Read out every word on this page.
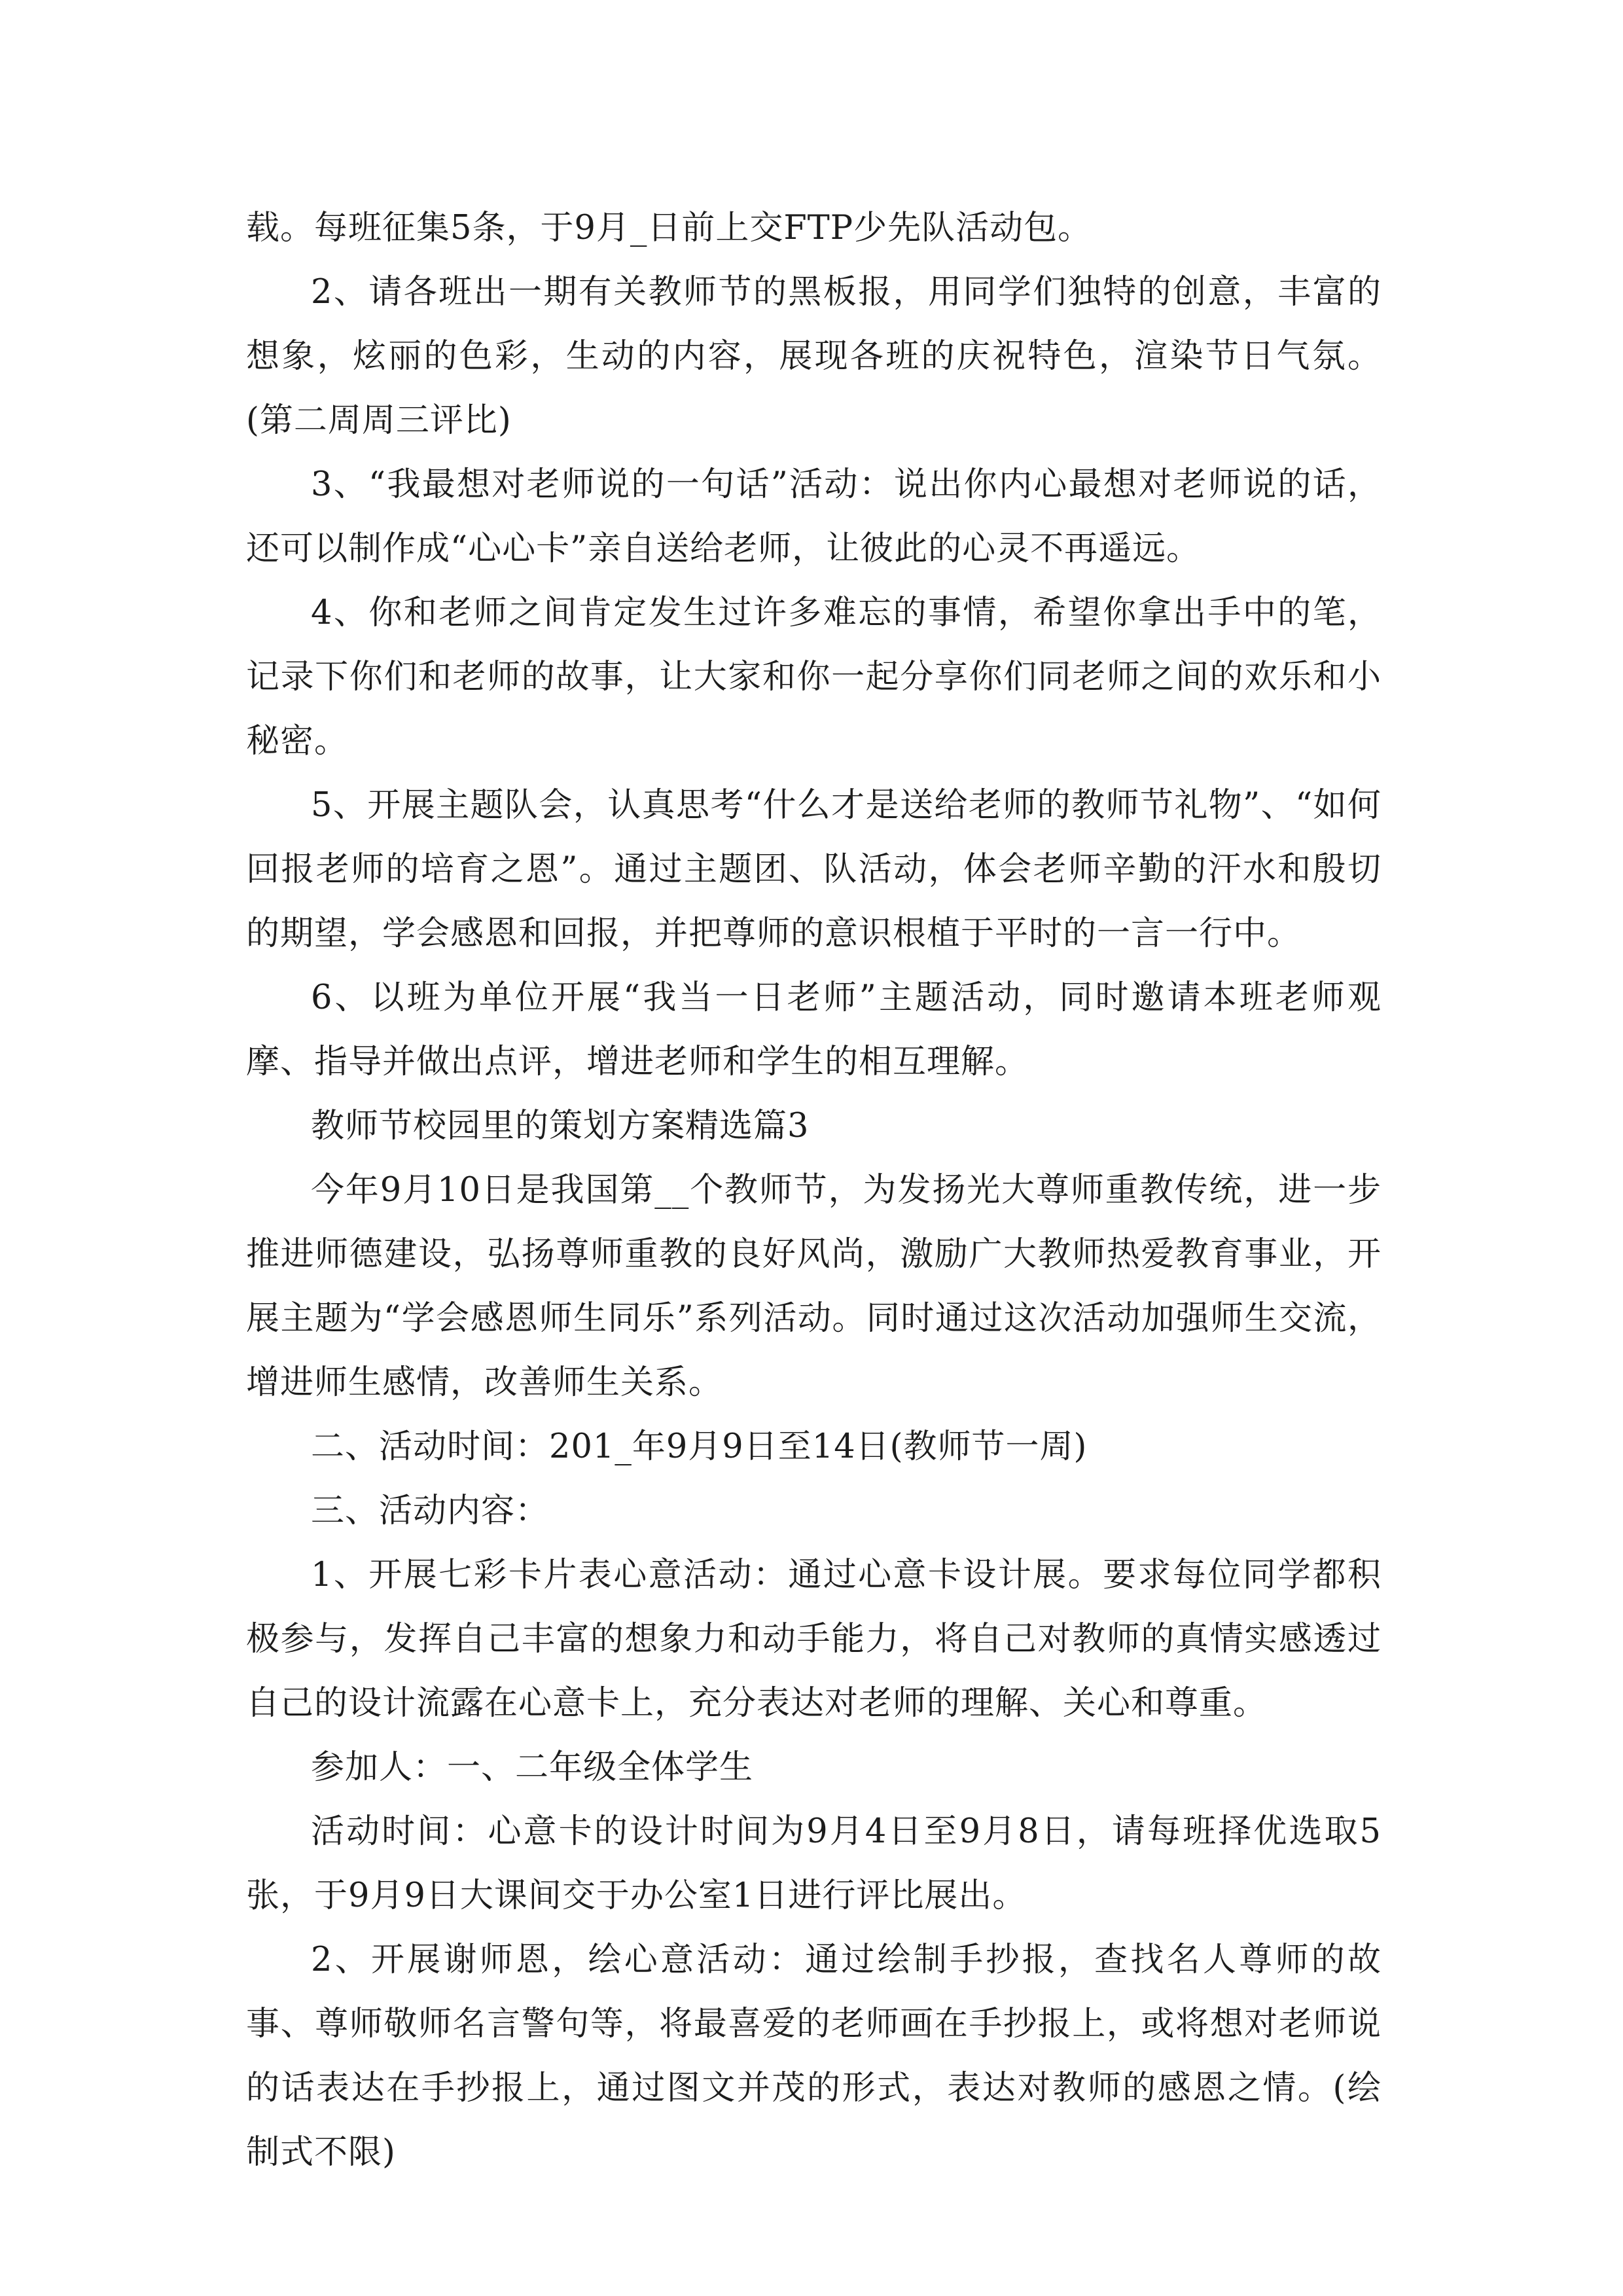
载。每班征集5条，于9月_日前上交FTP少先队活动包。

2、请各班出一期有关教师节的黑板报，用同学们独特的创意，丰富的想象，炫丽的色彩，生动的内容，展现各班的庆祝特色，渲染节日气氛。(第二周周三评比)

3、“我最想对老师说的一句话”活动：说出你内心最想对老师说的话，还可以制作成“心心卡”亲自送给老师，让彼此的心灵不再遥远。

4、你和老师之间肯定发生过许多难忘的事情，希望你拿出手中的笔，记录下你们和老师的故事，让大家和你一起分享你们同老师之间的欢乐和小秘密。

5、开展主题队会，认真思考“什么才是送给老师的教师节礼物”、“如何回报老师的培育之恩”。通过主题团、队活动，体会老师辛勤的汗水和殷切的期望，学会感恩和回报，并把尊师的意识根植于平时的一言一行中。

6、以班为单位开展“我当一日老师”主题活动，同时邀请本班老师观摩、指导并做出点评，增进老师和学生的相互理解。

教师节校园里的策划方案精选篇3

今年9月10日是我国第__个教师节，为发扬光大尊师重教传统，进一步推进师德建设，弘扬尊师重教的良好风尚，激励广大教师热爱教育事业，开展主题为“学会感恩师生同乐”系列活动。同时通过这次活动加强师生交流，增进师生感情，改善师生关系。

二、活动时间：201_年9月9日至14日(教师节一周)

三、活动内容：

1、开展七彩卡片表心意活动：通过心意卡设计展。要求每位同学都积极参与，发挥自己丰富的想象力和动手能力，将自己对教师的真情实感透过自己的设计流露在心意卡上，充分表达对老师的理解、关心和尊重。

参加人：一、二年级全体学生

活动时间：心意卡的设计时间为9月4日至9月8日，请每班择优选取5张，于9月9日大课间交于办公室1日进行评比展出。

2、开展谢师恩，绘心意活动：通过绘制手抄报，查找名人尊师的故事、尊师敬师名言警句等，将最喜爱的老师画在手抄报上，或将想对老师说的话表达在手抄报上，通过图文并茂的形式，表达对教师的感恩之情。(绘制式不限)
